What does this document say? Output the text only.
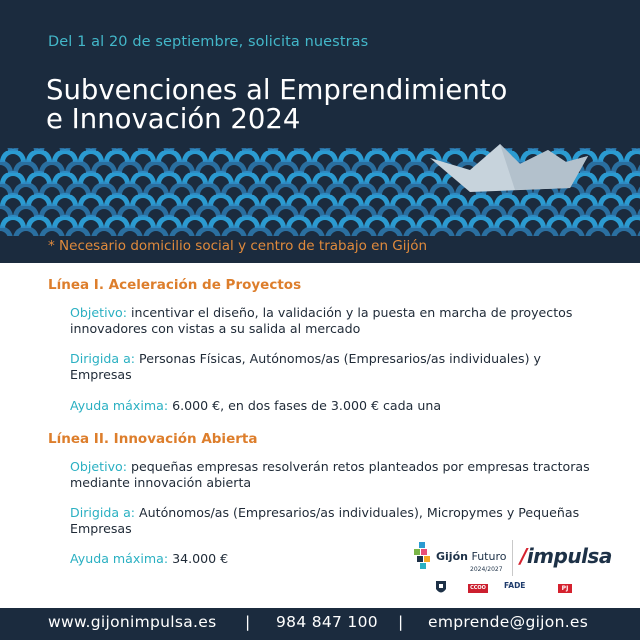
Del 1 al 20 de septiembre, solicita nuestras
Subvenciones al Emprendimiento
e Innovación 2024
* Necesario domicilio social y centro de trabajo en Gijón
Línea I. Aceleración de Proyectos
Objetivo: incentivar el diseño, la validación y la puesta en marcha de proyectos innovadores con vistas a su salida al mercado
Dirigida a: Personas Físicas, Autónomos/as (Empresarios/as individuales) y Empresas
Ayuda máxima: 6.000 €, en dos fases de 3.000 € cada una
Línea II. Innovación Abierta
Objetivo: pequeñas empresas resolverán retos planteados por empresas tractoras mediante innovación abierta
Dirigida a: Autónomos/as (Empresarios/as individuales), Micropymes y Pequeñas Empresas
Ayuda máxima: 34.000 €	Gijón Futuro
2024/2027
/impulsa
CCOO FADE	PJ
www.gijonimpulsa.es | 984 847 100 | emprende@gijon.es
